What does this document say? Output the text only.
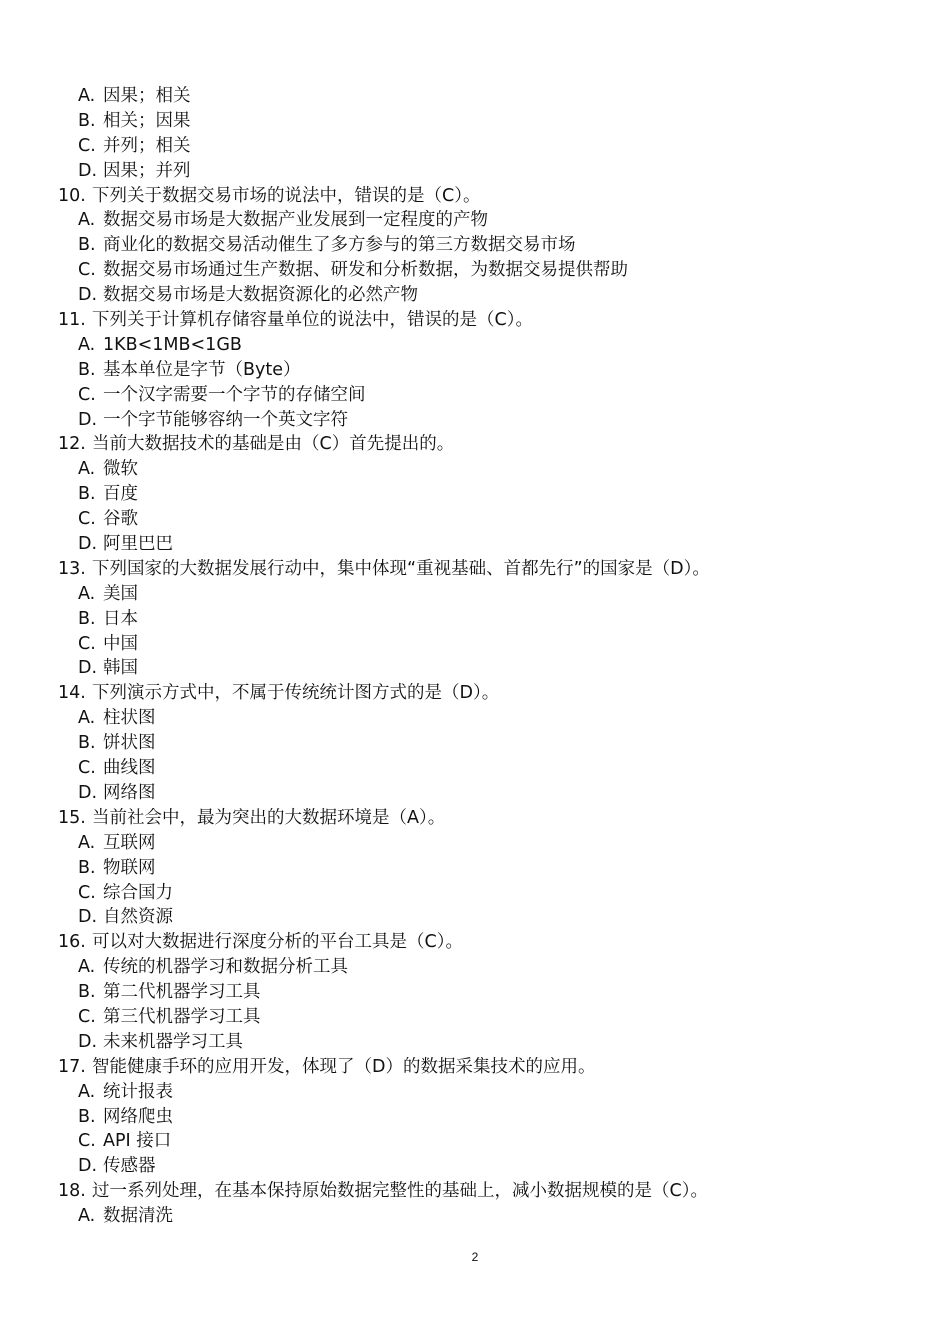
A. 因果；相关
B. 相关；因果
C. 并列；相关
D. 因果；并列
10. 下列关于数据交易市场的说法中，错误的是（C）。
A. 数据交易市场是大数据产业发展到一定程度的产物
B. 商业化的数据交易活动催生了多方参与的第三方数据交易市场
C. 数据交易市场通过生产数据、研发和分析数据，为数据交易提供帮助
D. 数据交易市场是大数据资源化的必然产物
11. 下列关于计算机存储容量单位的说法中，错误的是（C）。
A. 1KB<1MB<1GB
B. 基本单位是字节（Byte）
C. 一个汉字需要一个字节的存储空间
D. 一个字节能够容纳一个英文字符
12. 当前大数据技术的基础是由（C）首先提出的。
A. 微软
B. 百度
C. 谷歌
D. 阿里巴巴
13. 下列国家的大数据发展行动中，集中体现“重视基础、首都先行”的国家是（D）。
A. 美国
B. 日本
C. 中国
D. 韩国
14. 下列演示方式中，不属于传统统计图方式的是（D）。
A. 柱状图
B. 饼状图
C. 曲线图
D. 网络图
15. 当前社会中，最为突出的大数据环境是（A）。
A. 互联网
B. 物联网
C. 综合国力
D. 自然资源
16. 可以对大数据进行深度分析的平台工具是（C）。
A. 传统的机器学习和数据分析工具
B. 第二代机器学习工具
C. 第三代机器学习工具
D. 未来机器学习工具
17. 智能健康手环的应用开发，体现了（D）的数据采集技术的应用。
A. 统计报表
B. 网络爬虫
C. API 接口
D. 传感器
18. 过一系列处理，在基本保持原始数据完整性的基础上，减小数据规模的是（C）。
A. 数据清洗
2
